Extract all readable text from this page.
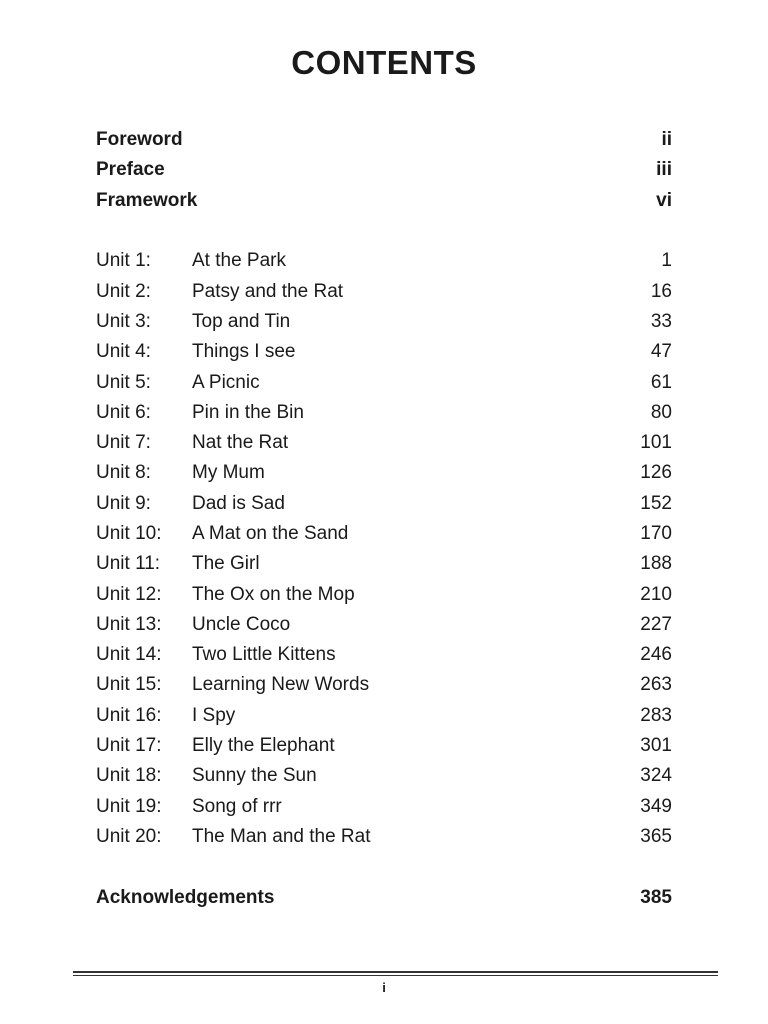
CONTENTS
Foreword	ii
Preface	iii
Framework	vi
Unit 1:	At the Park	1
Unit 2:	Patsy and the Rat	16
Unit 3:	Top and Tin	33
Unit 4:	Things I see	47
Unit 5:	A Picnic	61
Unit 6:	Pin in the Bin	80
Unit 7:	Nat the Rat	101
Unit 8:	My Mum	126
Unit 9:	Dad is Sad	152
Unit 10:	A Mat on the Sand	170
Unit 11:	The Girl	188
Unit 12:	The Ox on the Mop	210
Unit 13:	Uncle Coco	227
Unit 14:	Two Little Kittens	246
Unit 15:	Learning New Words	263
Unit 16:	I Spy	283
Unit 17:	Elly the Elephant	301
Unit 18:	Sunny the Sun	324
Unit 19:	Song of rrr	349
Unit 20:	The Man and the Rat	365
Acknowledgements	385
i
